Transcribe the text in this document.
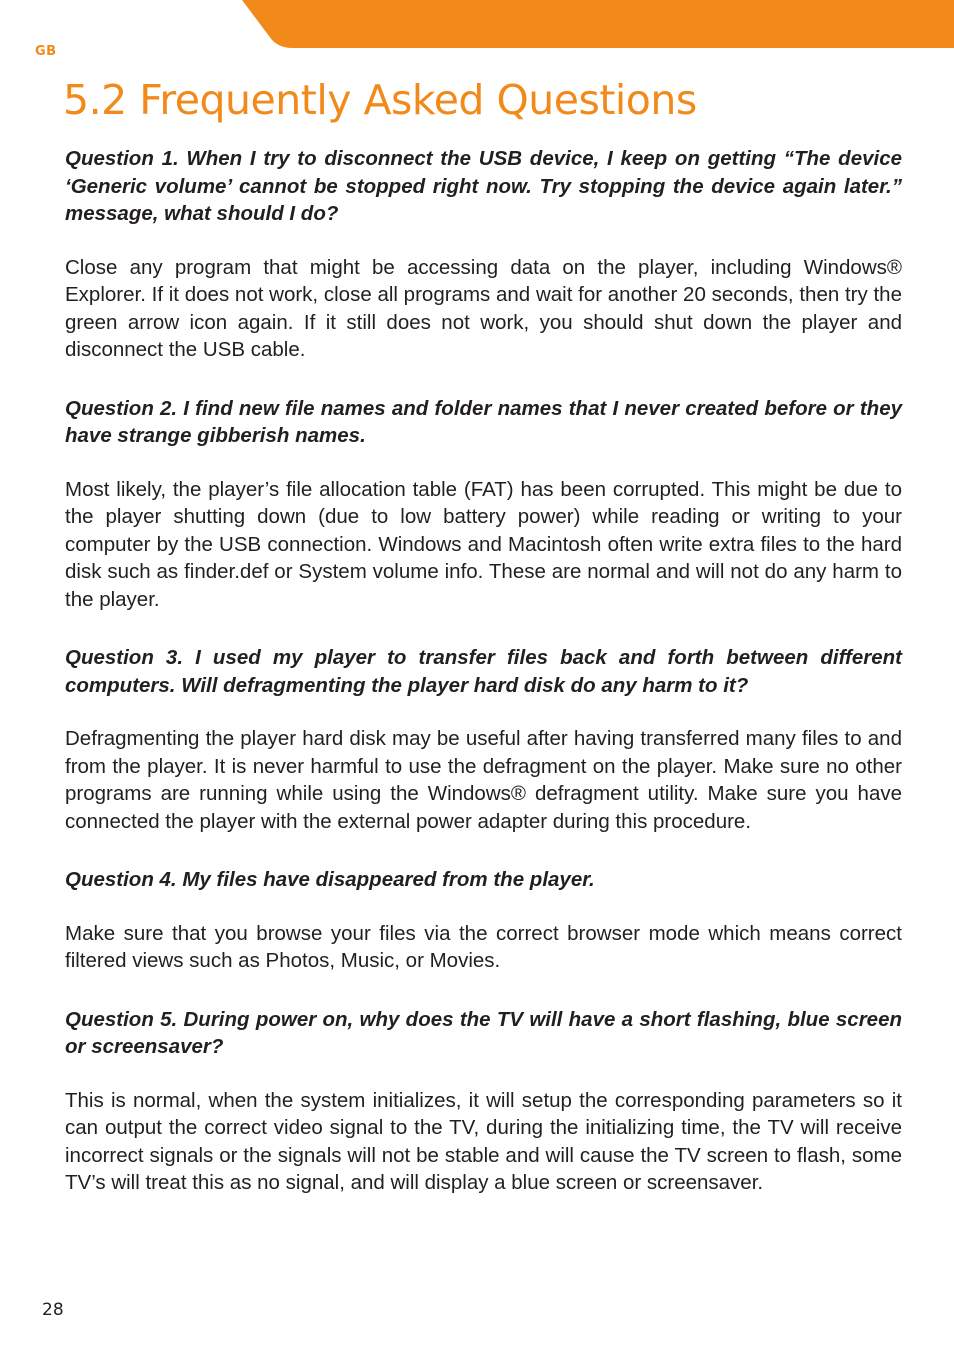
GB
5.2 Frequently Asked Questions

Question 1. When I try to disconnect the USB device, I keep on getting “The device ‘Generic volume’ cannot be stopped right now. Try stopping the device again later.” message, what should I do?

Close any program that might be accessing data on the player, including Windows® Explorer. If it does not work, close all programs and wait for another 20 seconds, then try the green arrow icon again. If it still does not work, you should shut down the player and disconnect the USB cable.

Question 2. I find new file names and folder names that I never created before or they have strange gibberish names.

Most likely, the player’s file allocation table (FAT) has been corrupted. This might be due to the player shutting down (due to low battery power) while reading or writing to your computer by the USB connection. Windows and Macintosh often write extra files to the hard disk such as finder.def or System volume info. These are normal and will not do any harm to the player.

Question 3. I used my player to transfer files back and forth between different computers. Will defragmenting the player hard disk do any harm to it?

Defragmenting the player hard disk may be useful after having transferred many files to and from the player. It is never harmful to use the defragment on the player. Make sure no other programs are running while using the Windows® defragment utility. Make sure you have connected the player with the external power adapter during this procedure.

Question 4. My files have disappeared from the player.

Make sure that you browse your files via the correct browser mode which means correct filtered views such as Photos, Music, or Movies.

Question 5. During power on, why does the TV will have a short flashing, blue screen or screensaver?

This is normal, when the system initializes, it will setup the corresponding parameters so it can output the correct video signal to the TV, during the initializing time, the TV will receive incorrect signals or the signals will not be stable and will cause the TV screen to flash, some TV’s will treat this as no signal, and will display a blue screen or screensaver.

28
